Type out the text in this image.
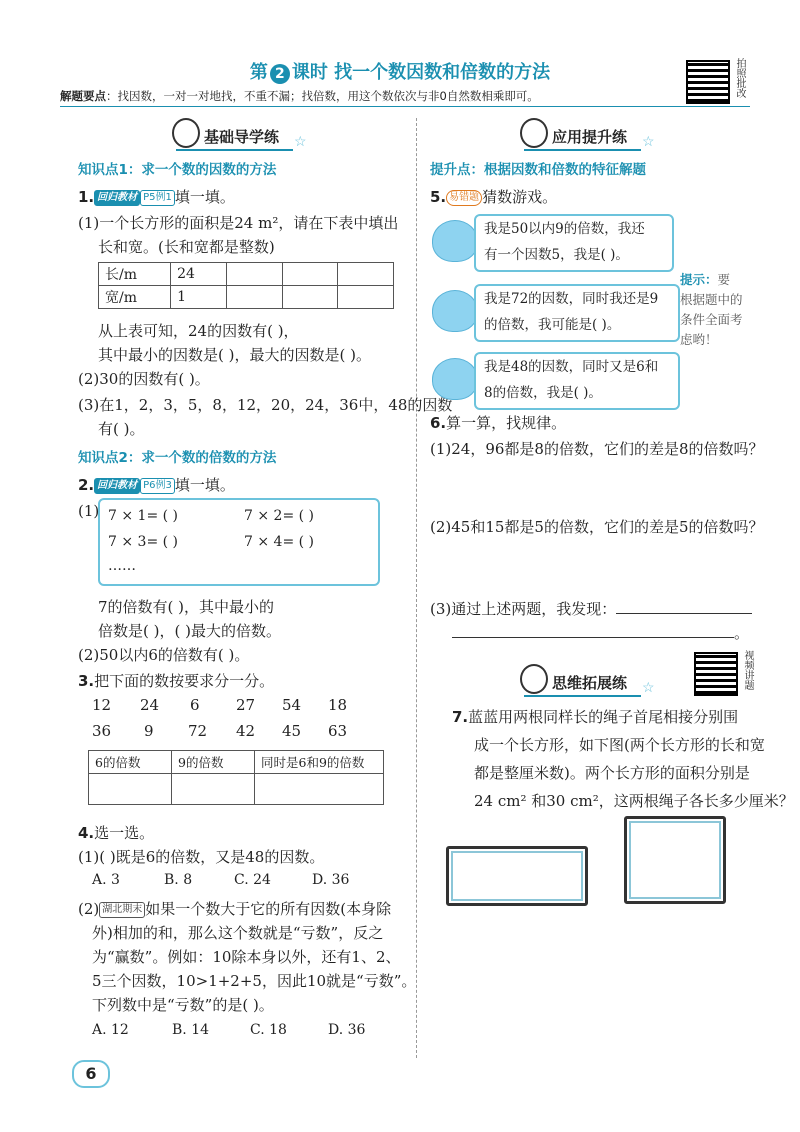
第 2 课时 找一个数因数和倍数的方法
解题要点：找因数，一对一对地找，不重不漏；找倍数，用这个数依次与非0自然数相乘即可。	拍照批改
基础导学练	☆
知识点1：求一个数的因数的方法
1. 回归教材 P5例1 填一填。
(1)一个长方形的面积是24 m²，请在下表中填出
长和宽。(长和宽都是整数)
长/m	24			
宽/m	1			
从上表可知，24的因数有( )，
其中最小的因数是( )，最大的因数是( )。
(2)30的因数有( )。
(3)在1，2，3，5，8，12，20，24，36中，48的因数
有( )。
知识点2：求一个数的倍数的方法
2. 回归教材 P6例3 填一填。
(1) 7 × 1= ( )	7 × 2= ( )
7 × 3= ( )	7 × 4= ( )
……
7的倍数有( )，其中最小的
倍数是( )，( )最大的倍数。
(2)50以内6的倍数有( )。
3.把下面的数按要求分一分。
12 24 6 27 54 18
36 9 72 42 45 63
6的倍数	9的倍数	同时是6和9的倍数

4.选一选。
(1)( )既是6的倍数，又是48的因数。
A. 3	B. 8	C. 24	D. 36
(2) 湖北期末 如果一个数大于它的所有因数(本身除
外)相加的和，那么这个数就是“亏数”，反之
为“赢数”。例如：10除本身以外，还有1、2、
5三个因数，10>1+2+5，因此10就是“亏数”。
下列数中是“亏数”的是( )。
A. 12	B. 14	C. 18	D. 36
应用提升练	☆
提升点：根据因数和倍数的特征解题
5. 易错题 猜数游戏。
我是50以内9的倍数，我还
有一个因数5，我是( )。
我是72的因数，同时我还是9
的倍数，我可能是( )。
我是48的因数，同时又是6和
8的倍数，我是( )。
提示：要
根据题中的
条件全面考
虑哟！
6.算一算，找规律。
(1)24，96都是8的倍数，它们的差是8的倍数吗？
(2)45和15都是5的倍数，它们的差是5的倍数吗？
(3)通过上述两题，我发现：
。
思维拓展练	☆	视频讲题
7.蓝蓝用两根同样长的绳子首尾相接分别围
成一个长方形，如下图(两个长方形的长和宽
都是整厘米数)。两个长方形的面积分别是
24 cm² 和30 cm²，这两根绳子各长多少厘米？
6
